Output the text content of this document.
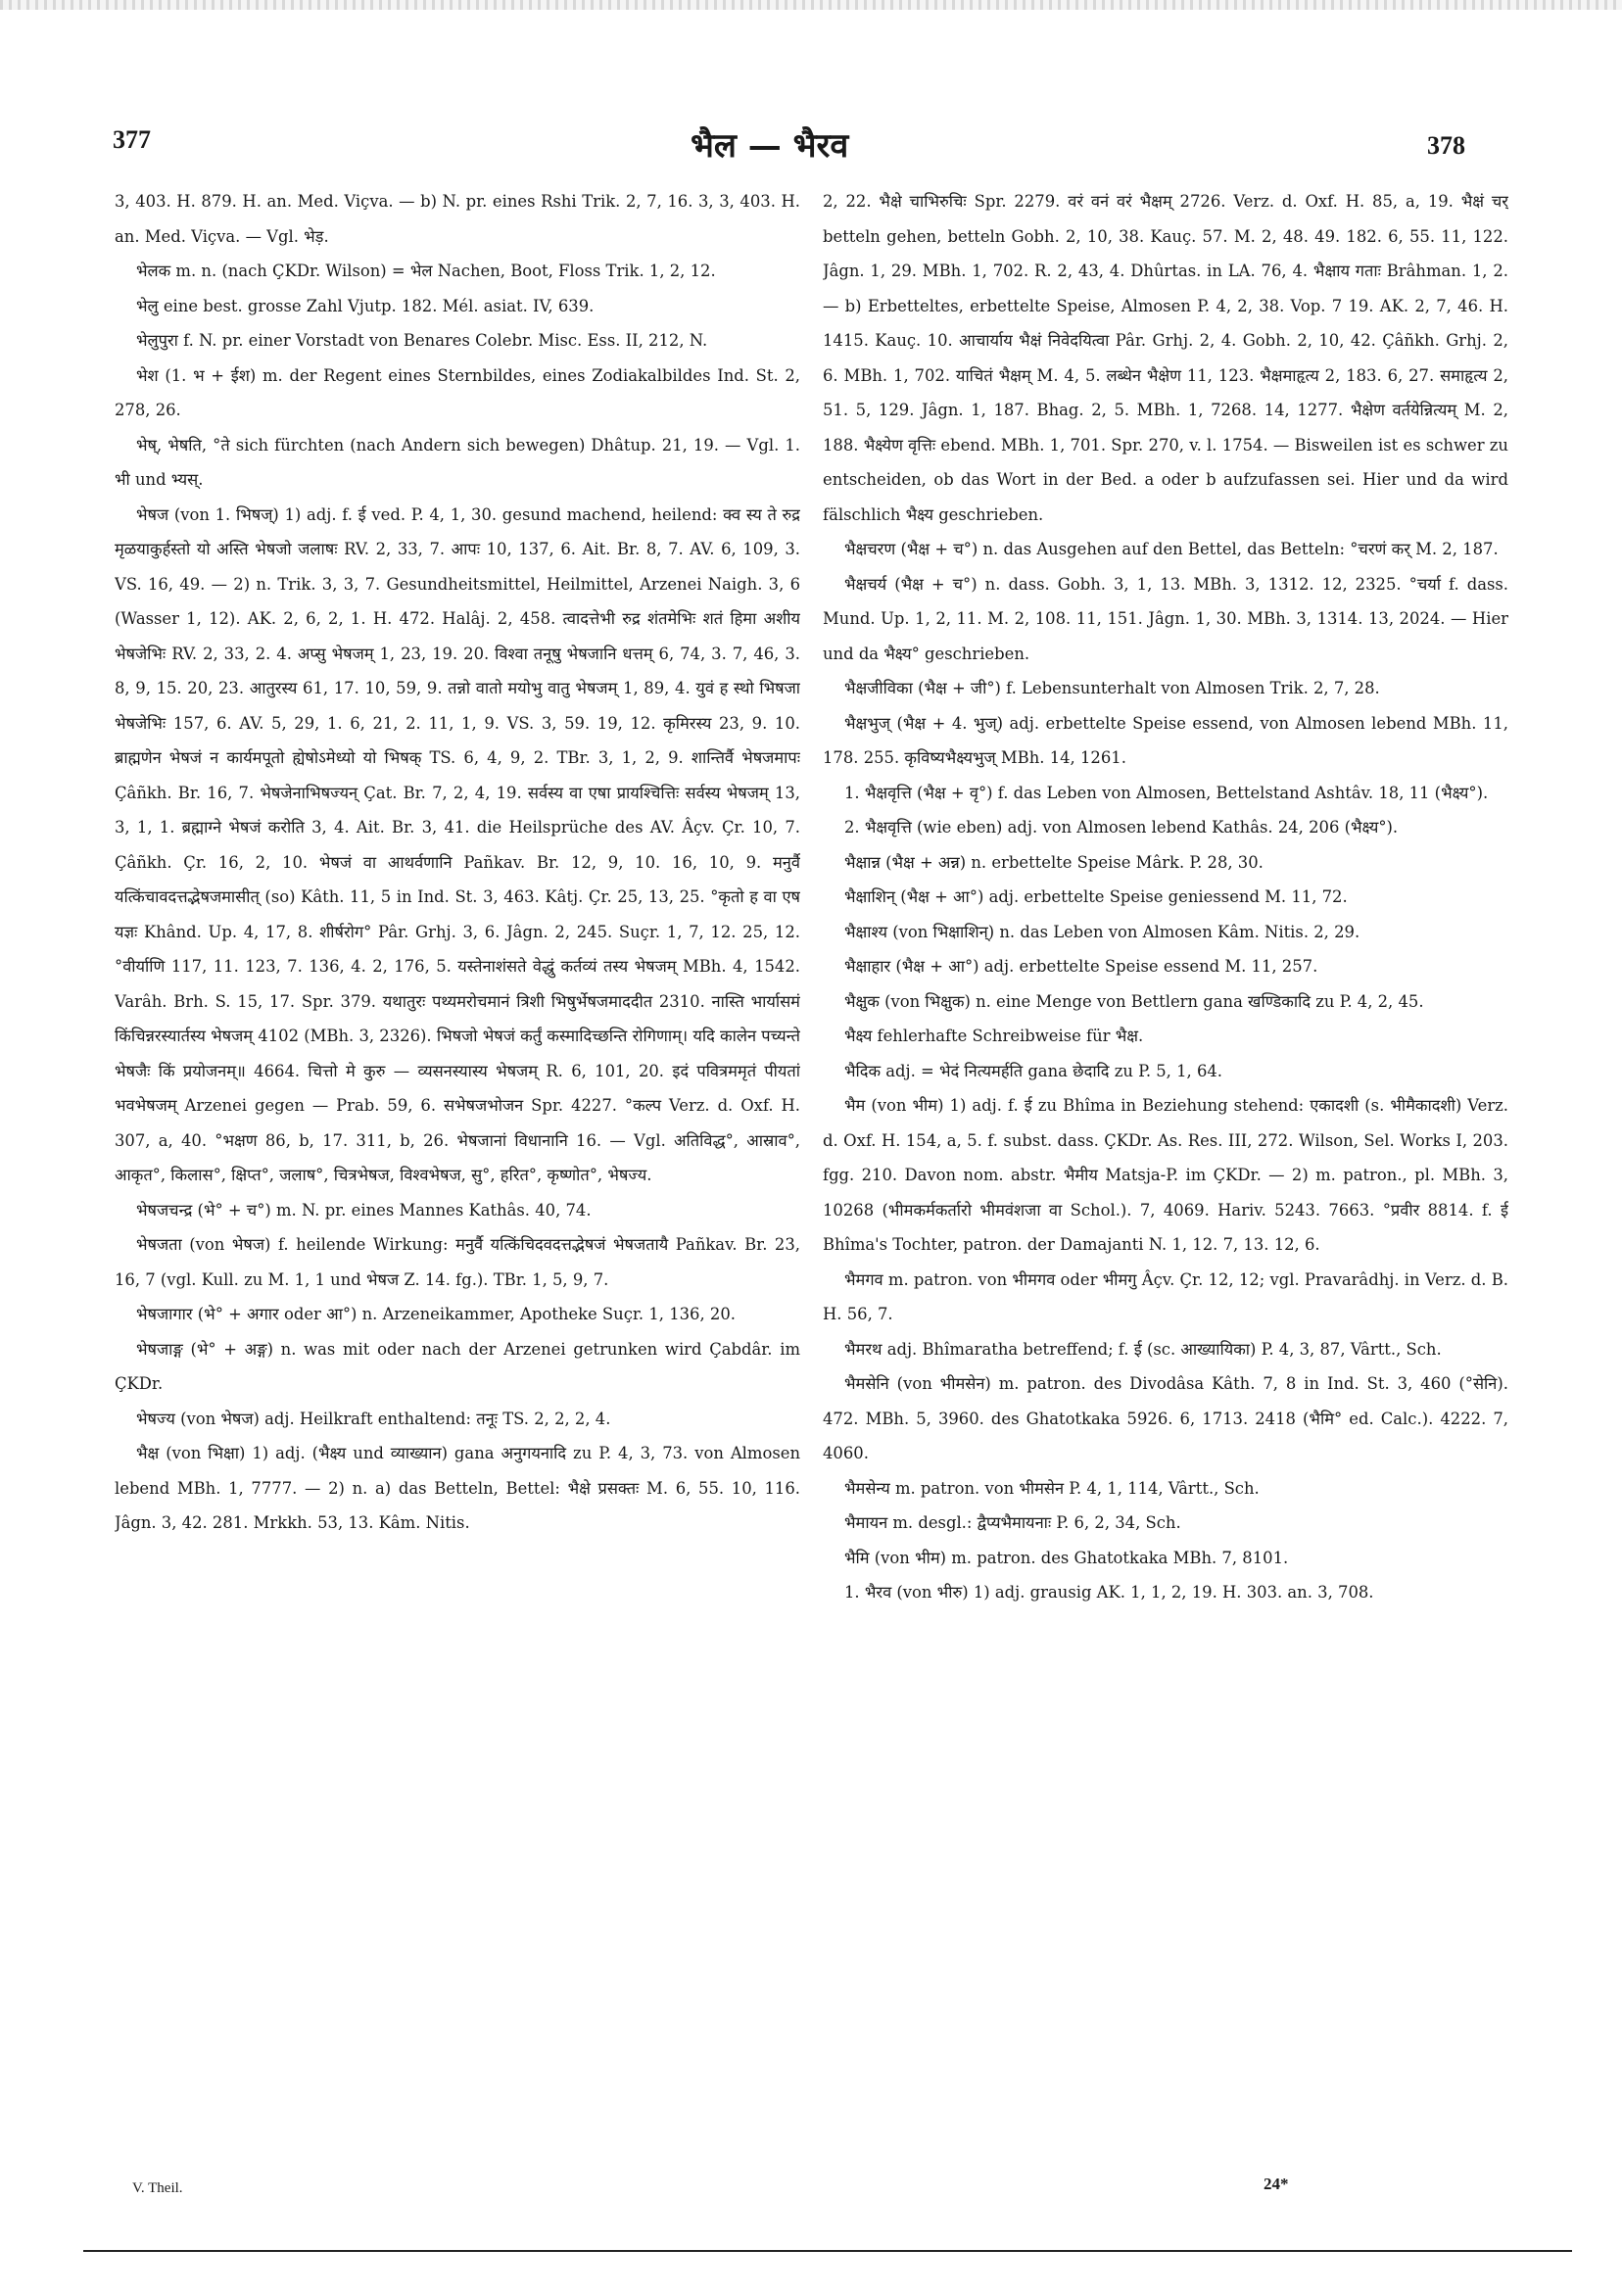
377	भैल — भैरव	378

3, 403. H. 879. H. an. Med. Viçva. — b) N. pr. eines Rshi Trik. 2, 7, 16. 3, 3, 403. H. an. Med. Viçva. — Vgl. भेड़.

भेलक m. n. (nach ÇKDr. Wilson) = भेल Nachen, Boot, Floss Trik. 1, 2, 12.

भेलु eine best. grosse Zahl Vjutp. 182. Mél. asiat. IV, 639.

भेलुपुरा f. N. pr. einer Vorstadt von Benares Colebr. Misc. Ess. II, 212, N.

भेश (1. भ + ईश) m. der Regent eines Sternbildes, eines Zodiakalbildes Ind. St. 2, 278, 26.

भेष्, भेषति, °ते sich fürchten (nach Andern sich bewegen) Dhâtup. 21, 19. — Vgl. 1. भी und भ्यस्.

भेषज (von 1. भिषज्) 1) adj. f. ई ved. P. 4, 1, 30. gesund machend, heilend: क्व स्य ते रुद्र मृळयाकुर्हस्तो यो अस्ति भेषजो जलाषः RV. 2, 33, 7. आपः 10, 137, 6. Ait. Br. 8, 7. AV. 6, 109, 3. VS. 16, 49. — 2) n. Trik. 3, 3, 7. Gesundheitsmittel, Heilmittel, Arzenei Naigh. 3, 6 (Wasser 1, 12). AK. 2, 6, 2, 1. H. 472. Halâj. 2, 458. त्वादत्तेभी रुद्र शंतमेभिः शतं हिमा अशीय भेषजेभिः RV. 2, 33, 2. 4. अप्सु भेषजम् 1, 23, 19. 20. विश्वा तनूषु भेषजानि धत्तम् 6, 74, 3. 7, 46, 3. 8, 9, 15. 20, 23. आतुरस्य 61, 17. 10, 59, 9. तन्नो वातो मयोभु वातु भेषजम् 1, 89, 4. युवं ह स्थो भिषजा भेषजेभिः 157, 6. AV. 5, 29, 1. 6, 21, 2. 11, 1, 9. VS. 3, 59. 19, 12. कृमिरस्य 23, 9. 10. ब्राह्मणेन भेषजं न कार्यमपूतो ह्येषोऽमेध्यो यो भिषक् TS. 6, 4, 9, 2. TBr. 3, 1, 2, 9. शान्तिर्वै भेषजमापः Çâñkh. Br. 16, 7. भेषजेनाभिषज्यन् Çat. Br. 7, 2, 4, 19. सर्वस्य वा एषा प्रायश्चित्तिः सर्वस्य भेषजम् 13, 3, 1, 1. ब्रह्माग्ने भेषजं करोति 3, 4. Ait. Br. 3, 41. die Heilsprüche des AV. Âçv. Çr. 10, 7. Çâñkh. Çr. 16, 2, 10. भेषजं वा आथर्वणानि Pañkav. Br. 12, 9, 10. 16, 10, 9. मनुर्वै यत्किंचावदत्तद्भेषजमासीत् (so) Kâth. 11, 5 in Ind. St. 3, 463. Kâtj. Çr. 25, 13, 25. °कृतो ह वा एष यज्ञः Khând. Up. 4, 17, 8. शीर्षरोग° Pâr. Grhj. 3, 6. Jâgn. 2, 245. Suçr. 1, 7, 12. 25, 12. °वीर्याणि 117, 11. 123, 7. 136, 4. 2, 176, 5. यस्तेनाशंसते वेद्धुं कर्तव्यं तस्य भेषजम् MBh. 4, 1542. Varâh. Brh. S. 15, 17. Spr. 379. यथातुरः पथ्यमरोचमानं त्रिशी भिषुर्भेषजमाददीत 2310. नास्ति भार्यासमं किंचिन्नरस्यार्तस्य भेषजम् 4102 (MBh. 3, 2326). भिषजो भेषजं कर्तुं कस्मादिच्छन्ति रोगिणाम्। यदि कालेन पच्यन्ते भेषजैः किं प्रयोजनम्॥ 4664. चित्तो मे कुरु — व्यसनस्यास्य भेषजम् R. 6, 101, 20. इदं पवित्रममृतं पीयतां भवभेषजम् Arzenei gegen — Prab. 59, 6. सभेषजभोजन Spr. 4227. °कल्प Verz. d. Oxf. H. 307, a, 40. °भक्षण 86, b, 17. 311, b, 26. भेषजानां विधानानि 16. — Vgl. अतिविद्ध°, आस्राव°, आकृत°, किलास°, क्षिप्त°, जलाष°, चित्रभेषज, विश्वभेषज, सु°, हरित°, कृष्णोत°, भेषज्य.

भेषजचन्द्र (भे° + च°) m. N. pr. eines Mannes Kathâs. 40, 74.

भेषजता (von भेषज) f. heilende Wirkung: मनुर्वै यत्किंचिदवदत्तद्भेषजं भेषजतायै Pañkav. Br. 23, 16, 7 (vgl. Kull. zu M. 1, 1 und भेषज Z. 14. fg.). TBr. 1, 5, 9, 7.

भेषजागार (भे° + अगार oder आ°) n. Arzeneikammer, Apotheke Suçr. 1, 136, 20.

भेषजाङ्ग (भे° + अङ्ग) n. was mit oder nach der Arzenei getrunken wird Çabdâr. im ÇKDr.

भेषज्य (von भेषज) adj. Heilkraft enthaltend: तनूः TS. 2, 2, 2, 4.

भैक्ष (von भिक्षा) 1) adj. (भैक्ष्य und व्याख्यान) gana अनुगयनादि zu P. 4, 3, 73. von Almosen lebend MBh. 1, 7777. — 2) n. a) das Betteln, Bettel: भैक्षे प्रसक्तः M. 6, 55. 10, 116. Jâgn. 3, 42. 281. Mrkkh. 53, 13. Kâm. Nitis.

2, 22. भैक्षे चाभिरुचिः Spr. 2279. वरं वनं वरं भैक्षम् 2726. Verz. d. Oxf. H. 85, a, 19. भैक्षं चर् betteln gehen, betteln Gobh. 2, 10, 38. Kauç. 57. M. 2, 48. 49. 182. 6, 55. 11, 122. Jâgn. 1, 29. MBh. 1, 702. R. 2, 43, 4. Dhûrtas. in LA. 76, 4. भैक्षाय गताः Brâhman. 1, 2. — b) Erbetteltes, erbettelte Speise, Almosen P. 4, 2, 38. Vop. 7 19. AK. 2, 7, 46. H. 1415. Kauç. 10. आचार्याय भैक्षं निवेदयित्वा Pâr. Grhj. 2, 4. Gobh. 2, 10, 42. Çâñkh. Grhj. 2, 6. MBh. 1, 702. याचितं भैक्षम् M. 4, 5. लब्धेन भैक्षेण 11, 123. भैक्षमाहृत्य 2, 183. 6, 27. समाहृत्य 2, 51. 5, 129. Jâgn. 1, 187. Bhag. 2, 5. MBh. 1, 7268. 14, 1277. भैक्षेण वर्तयेन्नित्यम् M. 2, 188. भैक्ष्येण वृत्तिः ebend. MBh. 1, 701. Spr. 270, v. l. 1754. — Bisweilen ist es schwer zu entscheiden, ob das Wort in der Bed. a oder b aufzufassen sei. Hier und da wird fälschlich भैक्ष्य geschrieben.

भैक्षचरण (भैक्ष + च°) n. das Ausgehen auf den Bettel, das Betteln: °चरणं कर् M. 2, 187.

भैक्षचर्य (भैक्ष + च°) n. dass. Gobh. 3, 1, 13. MBh. 3, 1312. 12, 2325. °चर्या f. dass. Mund. Up. 1, 2, 11. M. 2, 108. 11, 151. Jâgn. 1, 30. MBh. 3, 1314. 13, 2024. — Hier und da भैक्ष्य° geschrieben.

भैक्षजीविका (भैक्ष + जी°) f. Lebensunterhalt von Almosen Trik. 2, 7, 28.

भैक्षभुज् (भैक्ष + 4. भुज्) adj. erbettelte Speise essend, von Almosen lebend MBh. 11, 178. 255. कृविष्यभैक्ष्यभुज् MBh. 14, 1261.

1. भैक्षवृत्ति (भैक्ष + वृ°) f. das Leben von Almosen, Bettelstand Ashtâv. 18, 11 (भैक्ष्य°).

2. भैक्षवृत्ति (wie eben) adj. von Almosen lebend Kathâs. 24, 206 (भैक्ष्य°).

भैक्षान्न (भैक्ष + अन्न) n. erbettelte Speise Mârk. P. 28, 30.

भैक्षाशिन् (भैक्ष + आ°) adj. erbettelte Speise geniessend M. 11, 72.

भैक्षाश्य (von भिक्षाशिन्) n. das Leben von Almosen Kâm. Nitis. 2, 29.

भैक्षाहार (भैक्ष + आ°) adj. erbettelte Speise essend M. 11, 257.

भैक्षुक (von भिक्षुक) n. eine Menge von Bettlern gana खण्डिकादि zu P. 4, 2, 45.

भैक्ष्य fehlerhafte Schreibweise für भैक्ष.

भैदिक adj. = भेदं नित्यमर्हति gana छेदादि zu P. 5, 1, 64.

भैम (von भीम) 1) adj. f. ई zu Bhîma in Beziehung stehend: एकादशी (s. भीमैकादशी) Verz. d. Oxf. H. 154, a, 5. f. subst. dass. ÇKDr. As. Res. III, 272. Wilson, Sel. Works I, 203. fgg. 210. Davon nom. abstr. भैमीय Matsja-P. im ÇKDr. — 2) m. patron., pl. MBh. 3, 10268 (भीमकर्मकर्तारो भीमवंशजा वा Schol.). 7, 4069. Hariv. 5243. 7663. °प्रवीर 8814. f. ई Bhîma's Tochter, patron. der Damajanti N. 1, 12. 7, 13. 12, 6.

भैमगव m. patron. von भीमगव oder भीमगु Âçv. Çr. 12, 12; vgl. Pravarâdhj. in Verz. d. B. H. 56, 7.

भैमरथ adj. Bhîmaratha betreffend; f. ई (sc. आख्यायिका) P. 4, 3, 87, Vârtt., Sch.

भैमसेनि (von भीमसेन) m. patron. des Divodâsa Kâth. 7, 8 in Ind. St. 3, 460 (°सेनि). 472. MBh. 5, 3960. des Ghatotkaka 5926. 6, 1713. 2418 (भैमि° ed. Calc.). 4222. 7, 4060.

भैमसेन्य m. patron. von भीमसेन P. 4, 1, 114, Vârtt., Sch.

भैमायन m. desgl.: द्वैप्यभैमायनाः P. 6, 2, 34, Sch.

भैमि (von भीम) m. patron. des Ghatotkaka MBh. 7, 8101.

1. भैरव (von भीरु) 1) adj. grausig AK. 1, 1, 2, 19. H. 303. an. 3, 708.

V. Theil.	24*
